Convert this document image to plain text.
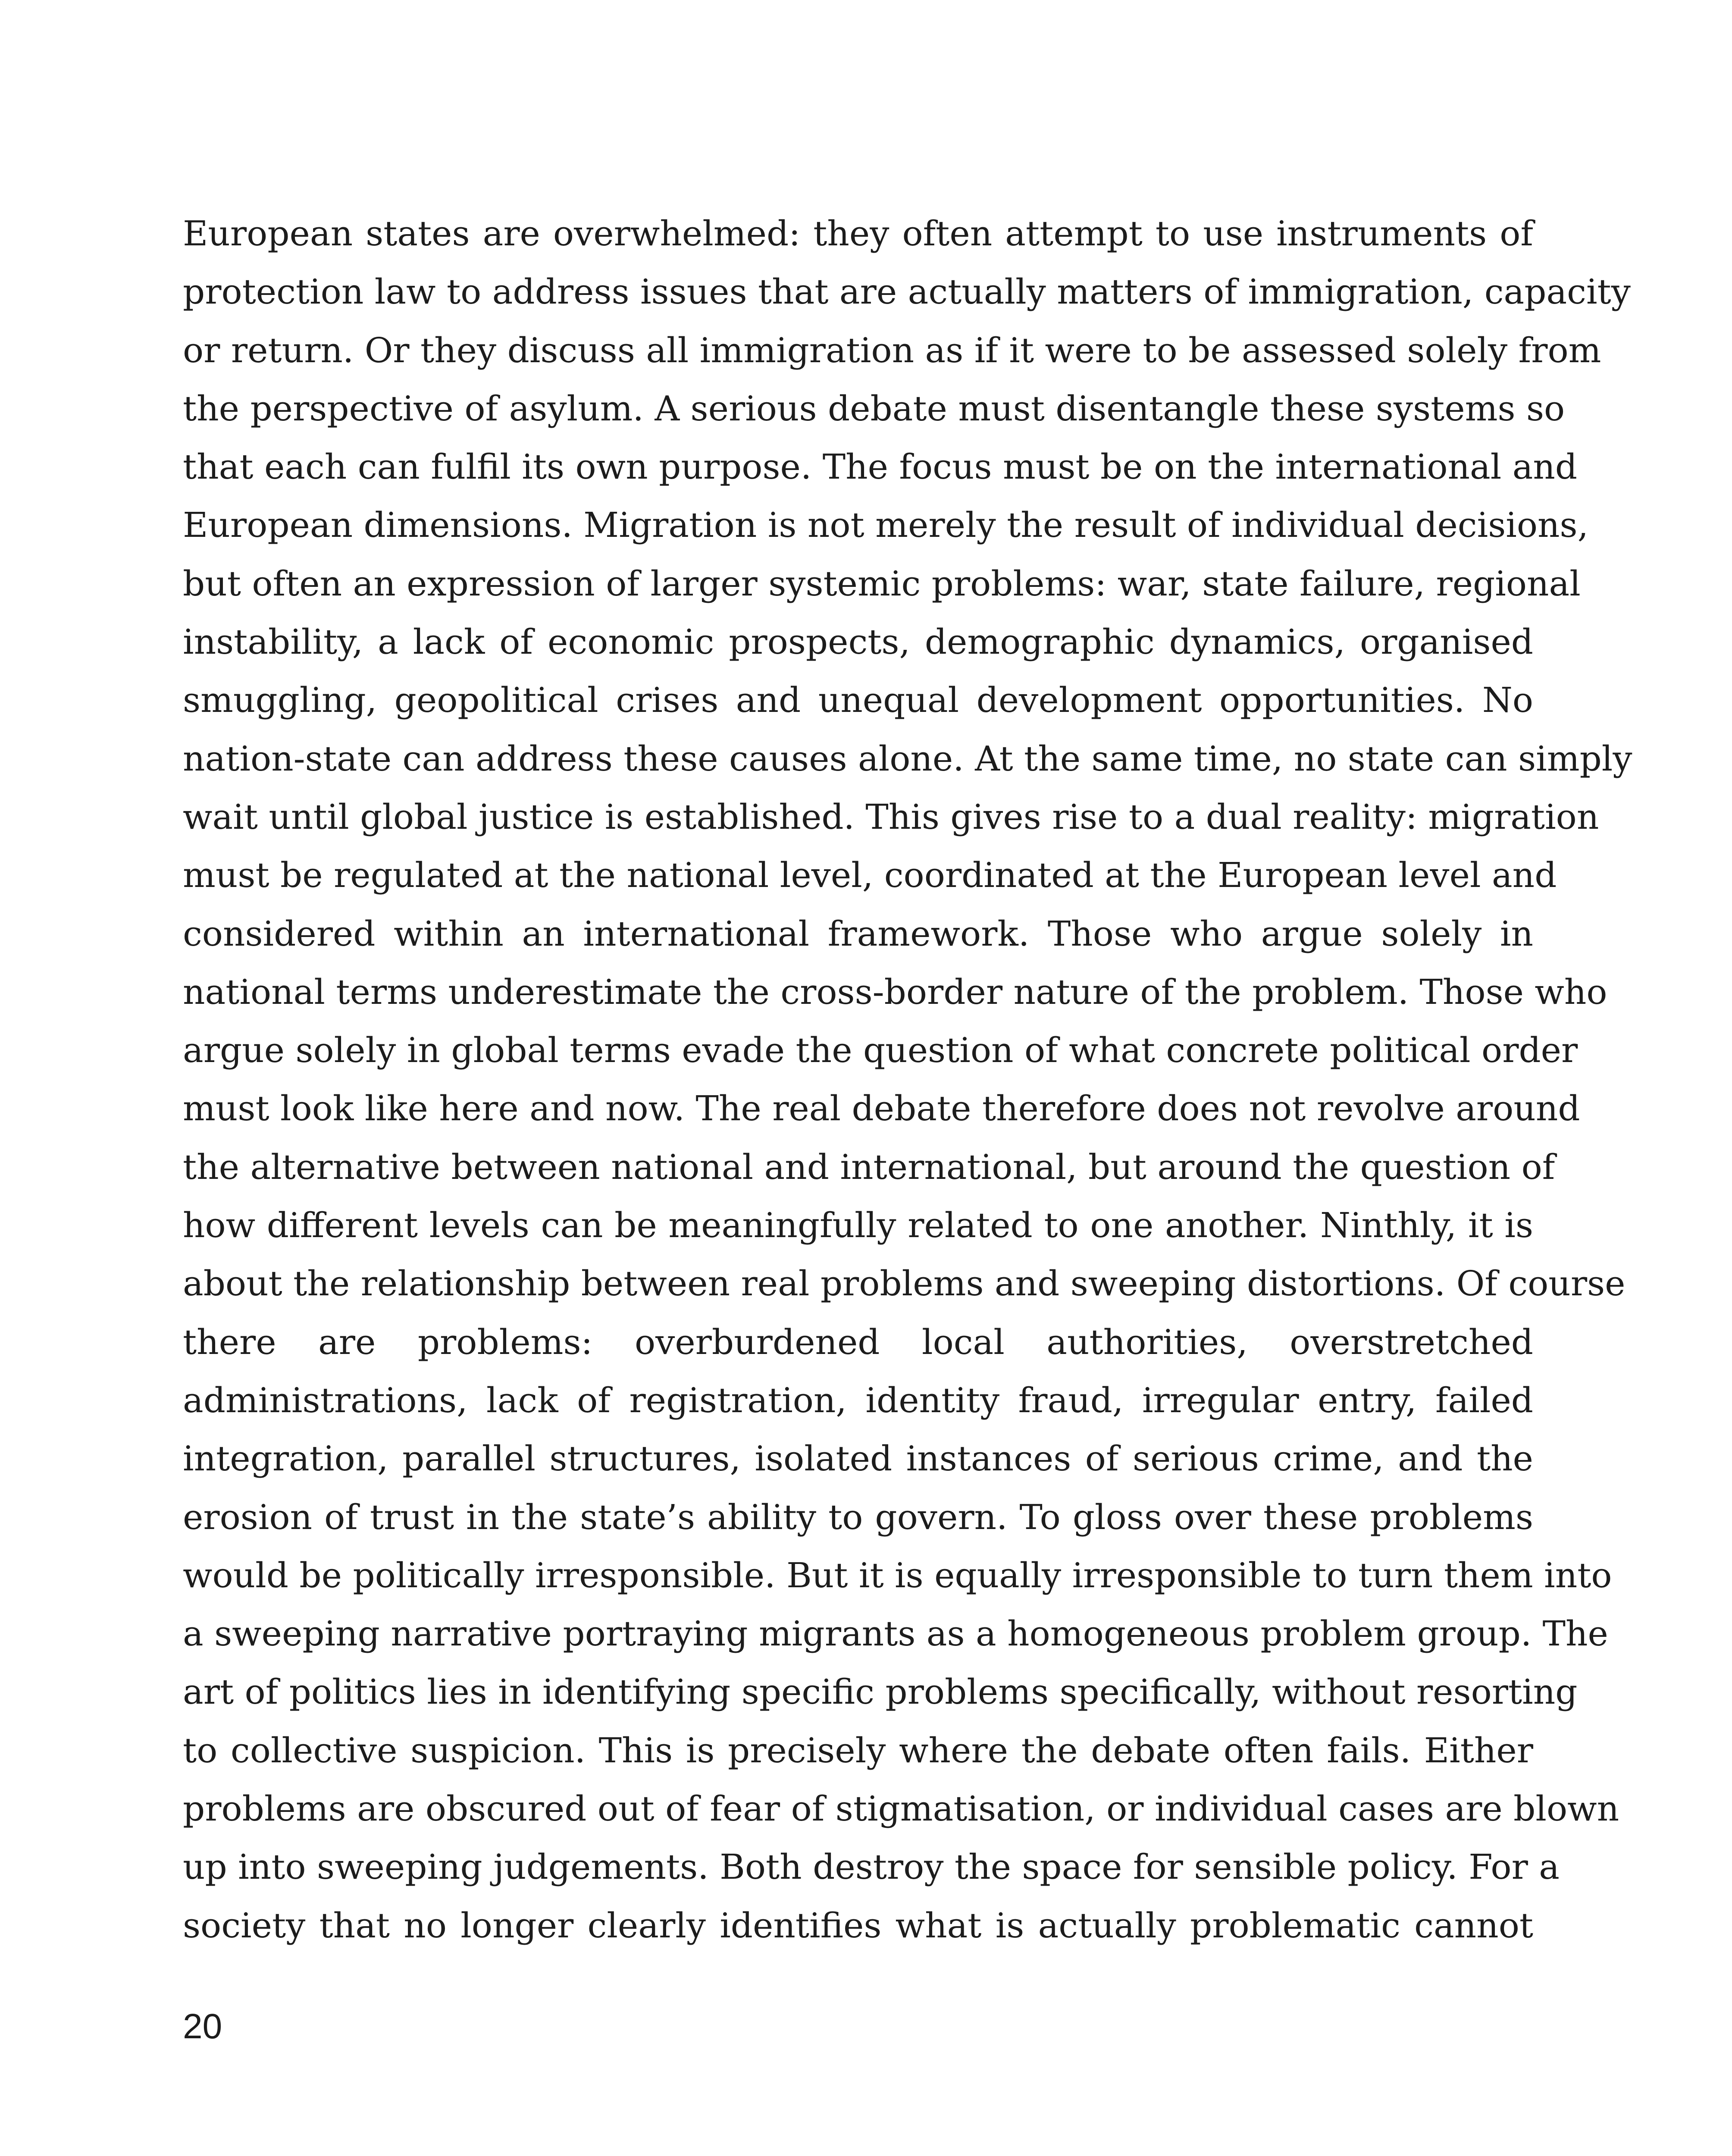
European states are overwhelmed: they often attempt to use instruments of
protection law to address issues that are actually matters of immigration, capacity
or return. Or they discuss all immigration as if it were to be assessed solely from
the perspective of asylum. A serious debate must disentangle these systems so
that each can fulfil its own purpose. The focus must be on the international and
European dimensions. Migration is not merely the result of individual decisions,
but often an expression of larger systemic problems: war, state failure, regional
instability, a lack of economic prospects, demographic dynamics, organised
smuggling, geopolitical crises and unequal development opportunities. No
nation-state can address these causes alone. At the same time, no state can simply
wait until global justice is established. This gives rise to a dual reality: migration
must be regulated at the national level, coordinated at the European level and
considered within an international framework. Those who argue solely in
national terms underestimate the cross-border nature of the problem. Those who
argue solely in global terms evade the question of what concrete political order
must look like here and now. The real debate therefore does not revolve around
the alternative between national and international, but around the question of
how different levels can be meaningfully related to one another. Ninthly, it is
about the relationship between real problems and sweeping distortions. Of course
there are problems: overburdened local authorities, overstretched
administrations, lack of registration, identity fraud, irregular entry, failed
integration, parallel structures, isolated instances of serious crime, and the
erosion of trust in the state’s ability to govern. To gloss over these problems
would be politically irresponsible. But it is equally irresponsible to turn them into
a sweeping narrative portraying migrants as a homogeneous problem group. The
art of politics lies in identifying specific problems specifically, without resorting
to collective suspicion. This is precisely where the debate often fails. Either
problems are obscured out of fear of stigmatisation, or individual cases are blown
up into sweeping judgements. Both destroy the space for sensible policy. For a
society that no longer clearly identifies what is actually problematic cannot

20
